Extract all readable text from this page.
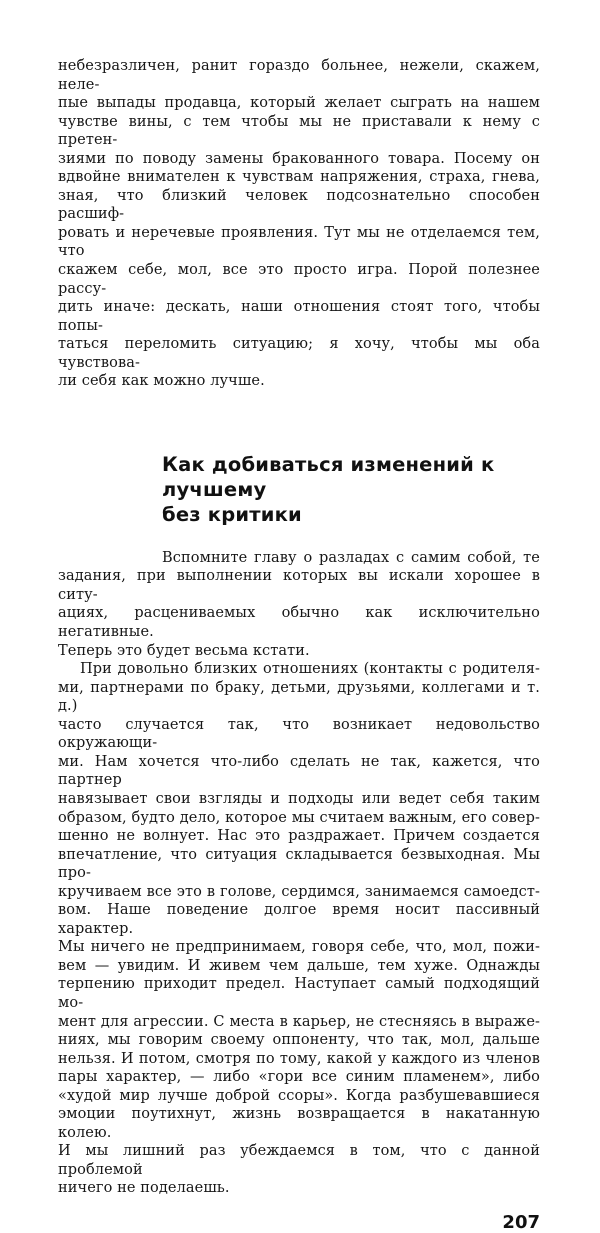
небезразличен, ранит гораздо больнее, нежели, скажем, неле-
пые выпады продавца, который желает сыграть на нашем
чувстве вины, с тем чтобы мы не приставали к нему с претен-
зиями по поводу замены бракованного товара. Посему он
вдвойне внимателен к чувствам напряжения, страха, гнева,
зная, что близкий человек подсознательно способен расшиф-
ровать и неречевые проявления. Тут мы не отделаемся тем, что
скажем себе, мол, все это просто игра. Порой полезнее рассу-
дить иначе: дескать, наши отношения стоят того, чтобы попы-
таться переломить ситуацию; я хочу, чтобы мы оба чувствова-
ли себя как можно лучше.
Как добиваться изменений к лучшему
без критики
Вспомните главу о разладах с самим собой, те
задания, при выполнении которых вы искали хорошее в ситу-
ациях, расцениваемых обычно как исключительно негативные.
Теперь это будет весьма кстати.
При довольно близких отношениях (контакты с родителя-
ми, партнерами по браку, детьми, друзьями, коллегами и т. д.)
часто случается так, что возникает недовольство окружающи-
ми. Нам хочется что-либо сделать не так, кажется, что партнер
навязывает свои взгляды и подходы или ведет себя таким
образом, будто дело, которое мы считаем важным, его совер-
шенно не волнует. Нас это раздражает. Причем создается
впечатление, что ситуация складывается безвыходная. Мы про-
кручиваем все это в голове, сердимся, занимаемся самоедст-
вом. Наше поведение долгое время носит пассивный характер.
Мы ничего не предпринимаем, говоря себе, что, мол, пожи-
вем — увидим. И живем чем дальше, тем хуже. Однажды
терпению приходит предел. Наступает самый подходящий мо-
мент для агрессии. С места в карьер, не стесняясь в выраже-
ниях, мы говорим своему оппоненту, что так, мол, дальше
нельзя. И потом, смотря по тому, какой у каждого из членов
пары характер, — либо «гори все синим пламенем», либо
«худой мир лучше доброй ссоры». Когда разбушевавшиеся
эмоции поутихнут, жизнь возвращается в накатанную колею.
И мы лишний раз убеждаемся в том, что с данной проблемой
ничего не поделаешь.
207
